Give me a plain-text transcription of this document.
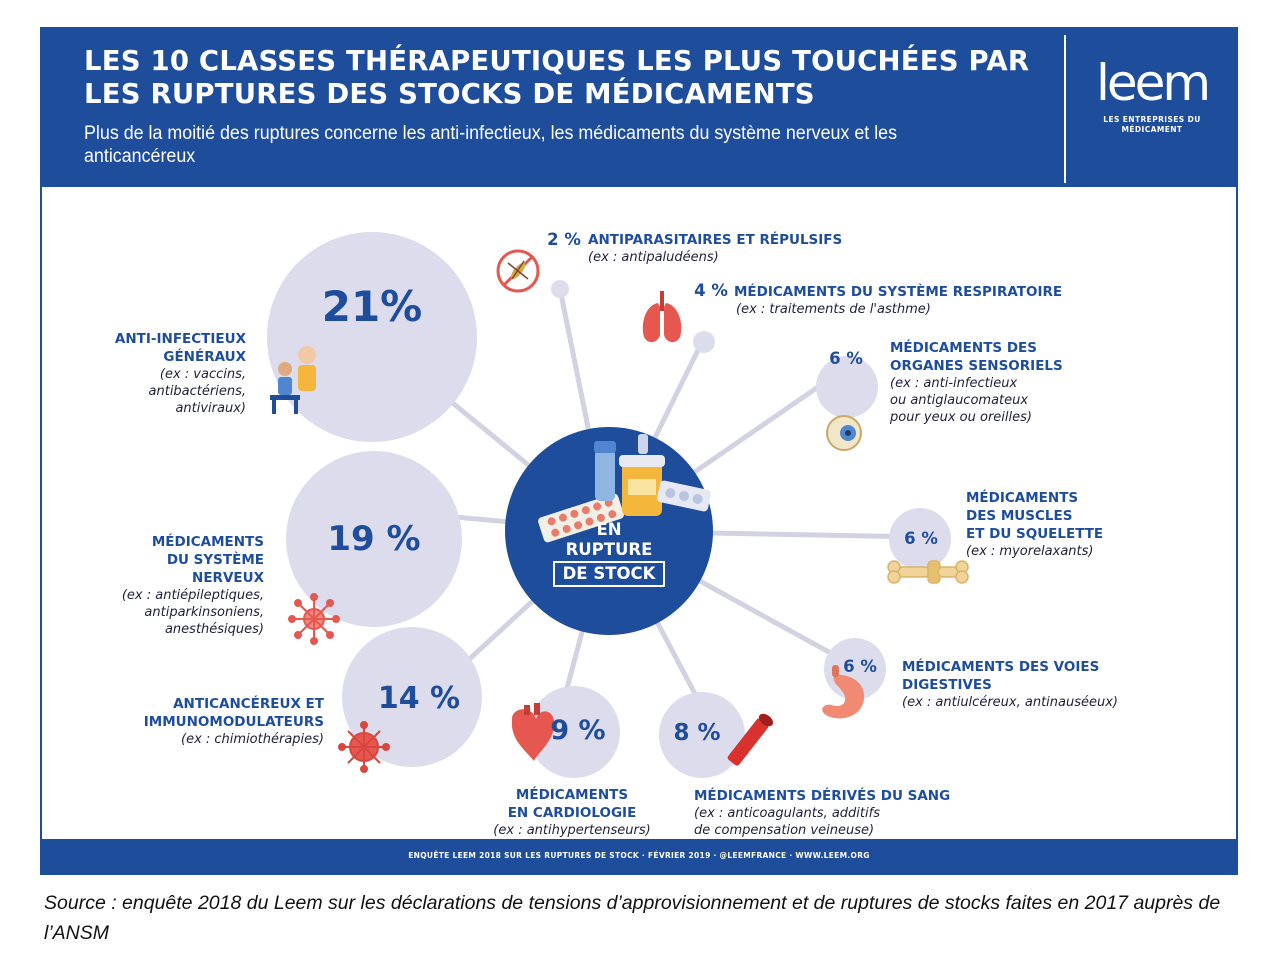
LES 10 CLASSES THÉRAPEUTIQUES LES PLUS TOUCHÉES PAR LES RUPTURES DES STOCKS DE MÉDICAMENTS

Plus de la moitié des ruptures concerne les anti-infectieux, les médicaments du système nerveux et les anticancéreux

leem
LES ENTREPRISES DU MÉDICAMENT
EN
RUPTURE
DE STOCK
21%
19 %
14 %
9 %	8 %
6 %
6 %
6 %
4 %
2 %
ANTI-INFECTIEUX
GÉNÉRAUX
(ex : vaccins,
antibactériens,
antiviraux)
MÉDICAMENTS
DU SYSTÈME
NERVEUX
(ex : antiépileptiques,
antiparkinsoniens,
anesthésiques)
ANTICANCÉREUX ET
IMMUNOMODULATEURS
(ex : chimiothérapies)
MÉDICAMENTS
EN CARDIOLOGIE
(ex : antihypertenseurs)
MÉDICAMENTS DÉRIVÉS DU SANG
(ex : anticoagulants, additifs
de compensation veineuse)
MÉDICAMENTS DES VOIES
DIGESTIVES
(ex : antiulcéreux, antinauséeux)
MÉDICAMENTS
DES MUSCLES
ET DU SQUELETTE
(ex : myorelaxants)
MÉDICAMENTS DES
ORGANES SENSORIELS
(ex : anti-infectieux
ou antiglaucomateux
pour yeux ou oreilles)
MÉDICAMENTS DU SYSTÈME RESPIRATOIRE
(ex : traitements de l'asthme)
ANTIPARASITAIRES ET RÉPULSIFS
(ex : antipaludéens)
ENQUÊTE LEEM 2018 SUR LES RUPTURES DE STOCK · FÉVRIER 2019 · @LEEMFRANCE · WWW.LEEM.ORG

Source : enquête 2018 du Leem sur les déclarations de tensions d’approvisionnement et de ruptures de stocks faites en 2017 auprès de l’ANSM
